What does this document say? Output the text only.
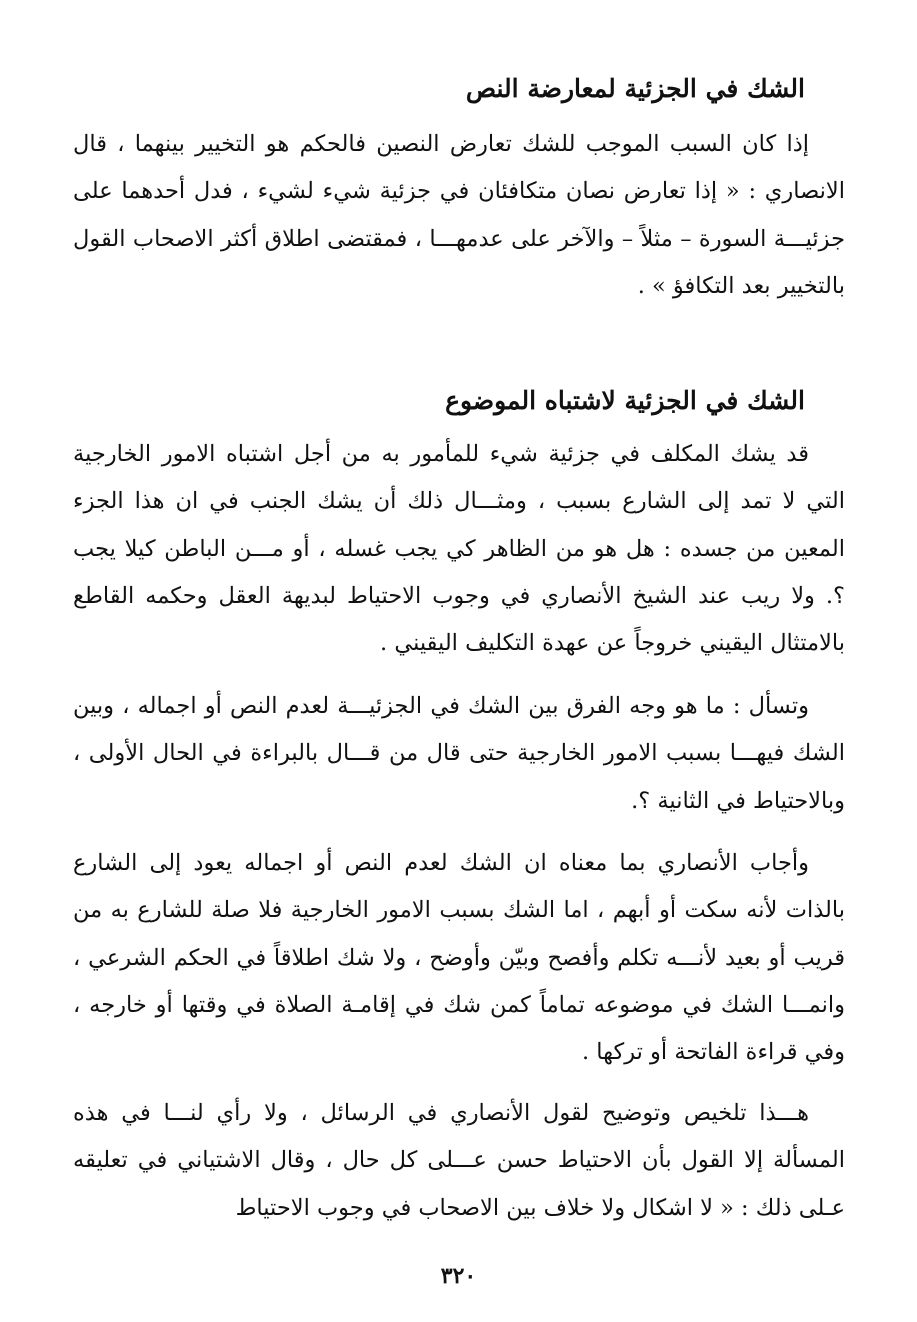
الشك في الجزئية لمعارضة النص

إذا كان السبب الموجب للشك تعارض النصين فالحكم هو التخيير بينهما ، قال الانصاري : « إذا تعارض نصان متكافئان في جزئية شيء لشيء ، فدل أحدهما على جزئيـــة السورة – مثلاً – والآخر على عدمهـــا ، فمقتضى اطلاق أكثر الاصحاب القول بالتخيير بعد التكافؤ » .

الشك في الجزئية لاشتباه الموضوع

قد يشك المكلف في جزئية شيء للمأمور به من أجل اشتباه الامور الخارجية التي لا تمد إلى الشارع بسبب ، ومثـــال ذلك أن يشك الجنب في ان هذا الجزء المعين من جسده : هل هو من الظاهر كي يجب غسله ، أو مـــن الباطن كيلا يجب ؟. ولا ريب عند الشيخ الأنصاري في وجوب الاحتياط لبديهة العقل وحكمه القاطع بالامتثال اليقيني خروجاً عن عهدة التكليف اليقيني .

وتسأل : ما هو وجه الفرق بين الشك في الجزئيـــة لعدم النص أو اجماله ، وبين الشك فيهـــا بسبب الامور الخارجية حتى قال من قـــال بالبراءة في الحال الأولى ، وبالاحتياط في الثانية ؟.

وأجاب الأنصاري بما معناه ان الشك لعدم النص أو اجماله يعود إلى الشارع بالذات لأنه سكت أو أبهم ، اما الشك بسبب الامور الخارجية فلا صلة للشارع به من قريب أو بعيد لأنـــه تكلم وأفصح وبيّن وأوضح ، ولا شك اطلاقاً في الحكم الشرعي ، وانمـــا الشك في موضوعه تماماً كمن شك في إقامـة الصلاة في وقتها أو خارجه ، وفي قراءة الفاتحة أو تركها .

هـــذا تلخيص وتوضيح لقول الأنصاري في الرسائل ، ولا رأي لنـــا في هذه المسألة إلا القول بأن الاحتياط حسن عـــلى كل حال ، وقال الاشتياني في تعليقه عـلى ذلك : « لا اشكال ولا خلاف بين الاصحاب في وجوب الاحتياط

٣٢٠
